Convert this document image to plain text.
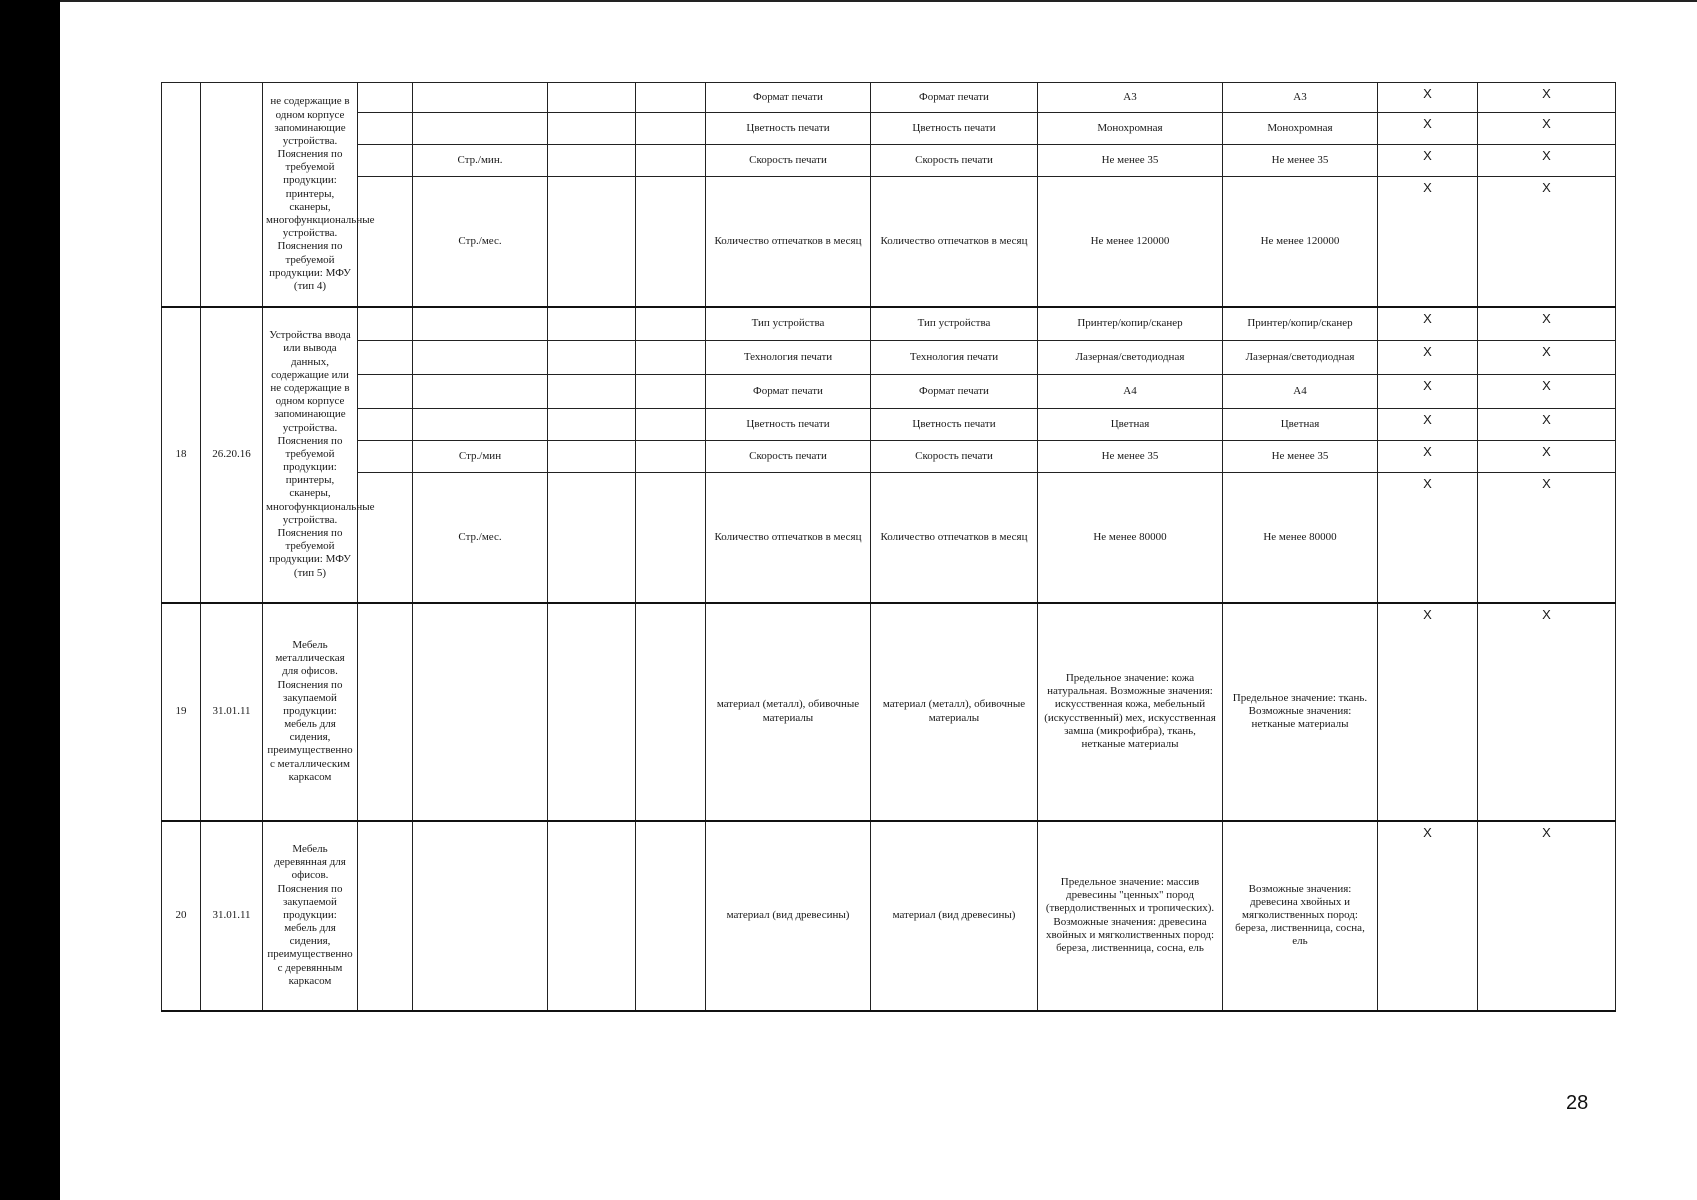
		не содержащие в одном корпусе запоминающие устройства. Пояснения по требуемой продукции: принтеры, сканеры, многофункциональные устройства. Пояснения по требуемой продукции: МФУ (тип 4)					Формат печати	Формат печати	А3	А3	X	X
							Цветность печати	Цветность печати	Монохромная	Монохромная	X	X
				Стр./мин.			Скорость печати	Скорость печати	Не менее 35	Не менее 35	X	X
				Стр./мес.			Количество отпечатков в месяц	Количество отпечатков в месяц	Не менее 120000	Не менее 120000	X	X
18	26.20.16	Устройства ввода или вывода данных, содержащие или не содержащие в одном корпусе запоминающие устройства. Пояснения по требуемой продукции: принтеры, сканеры, многофункциональные устройства. Пояснения по требуемой продукции: МФУ (тип 5)					Тип устройства	Тип устройства	Принтер/копир/сканер	Принтер/копир/сканер	X	X
							Технология печати	Технология печати	Лазерная/светодиодная	Лазерная/светодиодная	X	X
							Формат печати	Формат печати	А4	А4	X	X
							Цветность печати	Цветность печати	Цветная	Цветная	X	X
				Стр./мин			Скорость печати	Скорость печати	Не менее 35	Не менее 35	X	X
				Стр./мес.			Количество отпечатков в месяц	Количество отпечатков в месяц	Не менее 80000	Не менее 80000	X	X
19	31.01.11	Мебель металлическая для офисов. Пояснения по закупаемой продукции: мебель для сидения, преимущественно с металлическим каркасом					материал (металл), обивочные материалы	материал (металл), обивочные материалы	Предельное значение: кожа натуральная. Возможные значения: искусственная кожа, мебельный (искусственный) мех, искусственная замша (микрофибра), ткань, нетканые материалы	Предельное значение: ткань. Возможные значения: нетканые материалы	X	X
20	31.01.11	Мебель деревянная для офисов. Пояснения по закупаемой продукции: мебель для сидения, преимущественно с деревянным каркасом					материал (вид древесины)	материал (вид древесины)	Предельное значение: массив древесины "ценных" пород (твердолиственных и тропических). Возможные значения: древесина хвойных и мягколиственных пород: береза, лиственница, сосна, ель	Возможные значения: древесина хвойных и мягколиственных пород: береза, лиственница, сосна, ель	X	X
28
